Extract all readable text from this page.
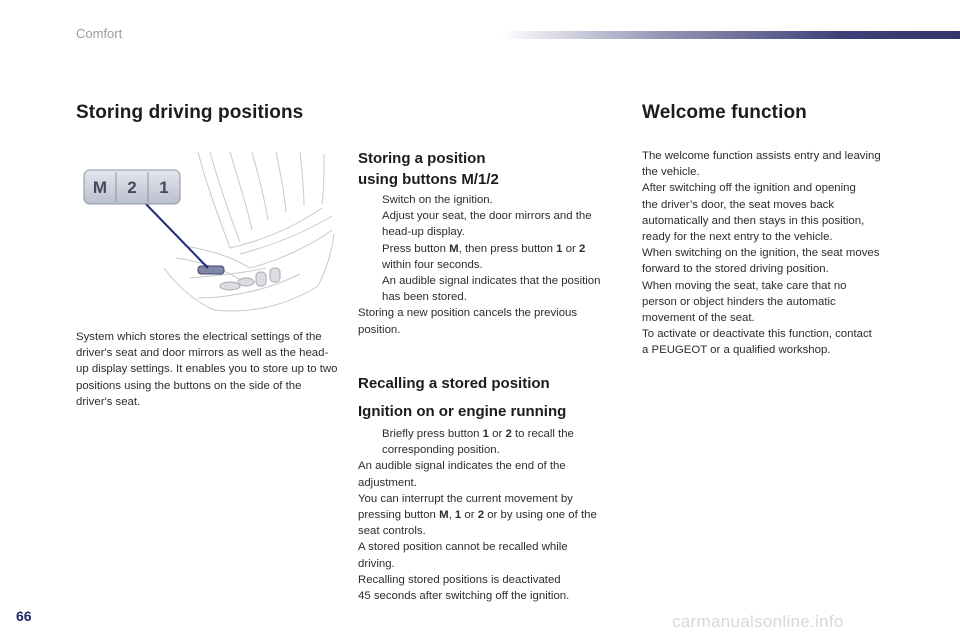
Comfort
Storing driving positions
M 2 1
System which stores the electrical settings of the driver's seat and door mirrors as well as the head-up display settings. It enables you to store up to two positions using the buttons on the side of the driver's seat.
Storing a position
using buttons M/1/2
Switch on the ignition.
Adjust your seat, the door mirrors and the
head-up display.
Press button M, then press button 1 or 2
within four seconds.
An audible signal indicates that the position
has been stored.
Storing a new position cancels the previous
position.
Recalling a stored position
Ignition on or engine running
Briefly press button 1 or 2 to recall the
corresponding position.
An audible signal indicates the end of the
adjustment.
You can interrupt the current movement by
pressing button M, 1 or 2 or by using one of the
seat controls.
A stored position cannot be recalled while
driving.
Recalling stored positions is deactivated
45 seconds after switching off the ignition.
Welcome function
The welcome function assists entry and leaving
the vehicle.
After switching off the ignition and opening
the driver’s door, the seat moves back
automatically and then stays in this position,
ready for the next entry to the vehicle.
When switching on the ignition, the seat moves
forward to the stored driving position.
When moving the seat, take care that no
person or object hinders the automatic
movement of the seat.
To activate or deactivate this function, contact
a PEUGEOT or a qualified workshop.
66	carmanualsonline.info
